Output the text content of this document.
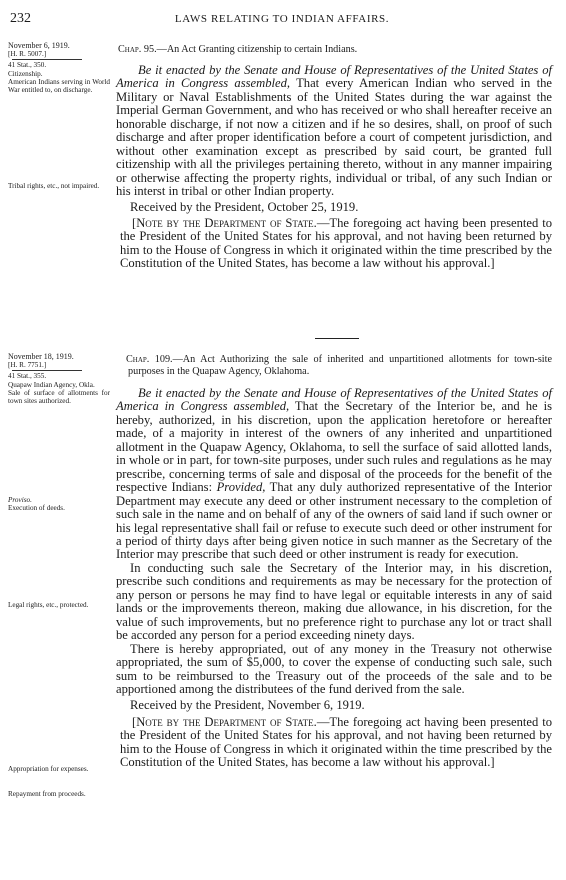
232	LAWS RELATING TO INDIAN AFFAIRS.
November 6, 1919.
[H. R. 5007.]
41 Stat., 350.
Citizenship.
American Indians serving in World War entitled to, on discharge.
Tribal rights, etc., not impaired.

Chap. 95.—An Act Granting citizenship to certain Indians.

Be it enacted by the Senate and House of Representatives of the United States of America in Congress assembled, That every American Indian who served in the Military or Naval Establishments of the United States during the war against the Imperial German Government, and who has received or who shall hereafter receive an honorable discharge, if not now a citizen and if he so desires, shall, on proof of such discharge and after proper identification before a court of competent jurisdiction, and without other examination except as prescribed by said court, be granted full citizenship with all the privileges pertaining thereto, without in any manner impairing or otherwise affecting the property rights, individual or tribal, of any such Indian or his interst in tribal or other Indian property.

Received by the President, October 25, 1919.

[Note by the Department of State.—The foregoing act having been presented to the President of the United States for his approval, and not having been returned by him to the House of Congress in which it originated within the time prescribed by the Constitution of the United States, has become a law without his approval.]

November 18, 1919.
[H. R. 7751.]
41 Stat., 355.
Quapaw Indian Agency, Okla.
Sale of surface of allotments for town sites authorized.
Proviso.
Execution of deeds.
Legal rights, etc., protected.
Appropriation for expenses.
Repayment from proceeds.

Chap. 109.—An Act Authorizing the sale of inherited and unpartitioned allotments for town-site purposes in the Quapaw Agency, Oklahoma.

Be it enacted by the Senate and House of Representatives of the United States of America in Congress assembled, That the Secretary of the Interior be, and he is hereby, authorized, in his discretion, upon the application heretofore or hereafter made, of a majority in interest of the owners of any inherited and unpartitioned allotment in the Quapaw Agency, Oklahoma, to sell the surface of said allotted lands, in whole or in part, for town-site purposes, under such rules and regulations as he may prescribe, concerning terms of sale and disposal of the proceeds for the benefit of the respective Indians: Provided, That any duly authorized representative of the Interior Department may execute any deed or other instrument necessary to the completion of such sale in the name and on behalf of any of the owners of said land if such owner or his legal representative shall fail or refuse to execute such deed or other instrument for a period of thirty days after being given notice in such manner as the Secretary of the Interior may prescribe that such deed or other instrument is ready for execution.

In conducting such sale the Secretary of the Interior may, in his discretion, prescribe such conditions and requirements as may be necessary for the protection of any person or persons he may find to have legal or equitable interests in any of said lands or the improvements thereon, making due allowance, in his discretion, for the value of such improvements, but no preference right to purchase any lot or tract shall be accorded any person for a period exceeding ninety days.

There is hereby appropriated, out of any money in the Treasury not otherwise appropriated, the sum of $5,000, to cover the expense of conducting such sale, such sum to be reimbursed to the Treasury out of the proceeds of the sale and to be apportioned among the distributees of the fund derived from the sale.

Received by the President, November 6, 1919.

[Note by the Department of State.—The foregoing act having been presented to the President of the United States for his approval, and not having been returned by him to the House of Congress in which it originated within the time prescribed by the Constitution of the United States, has become a law without his approval.]
